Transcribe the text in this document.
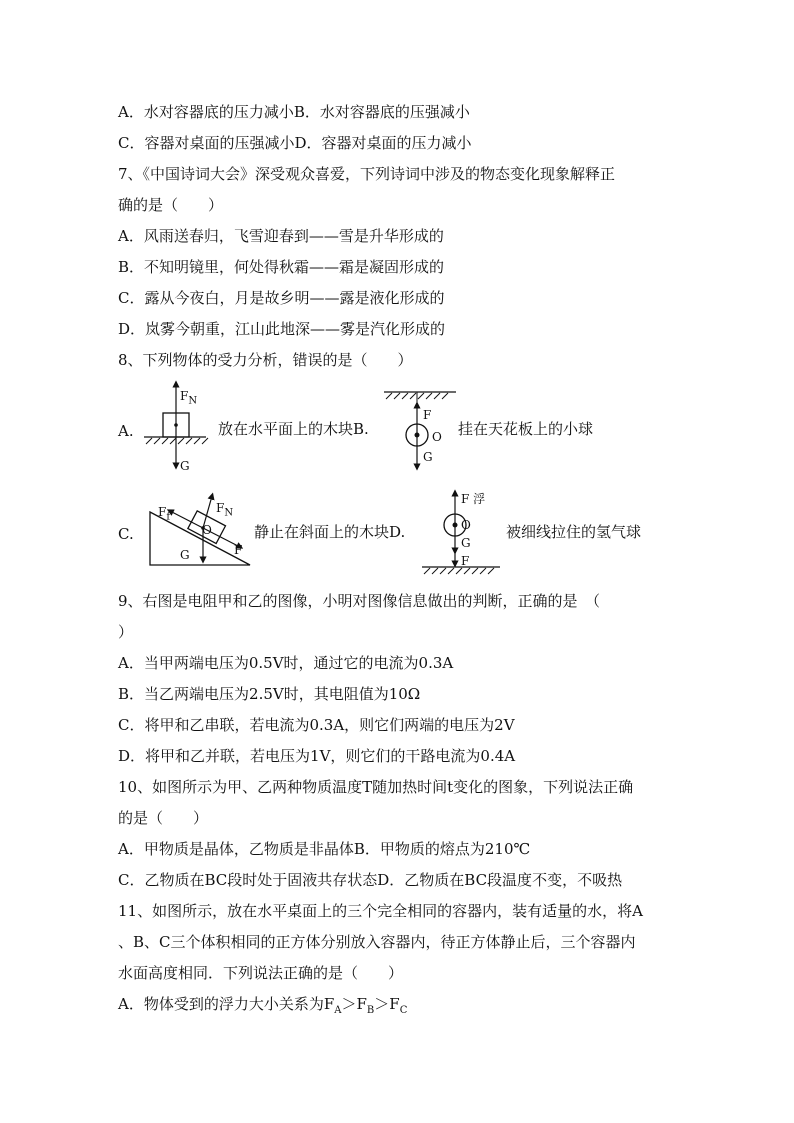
A．水对容器底的压力减小B．水对容器底的压强减小
C．容器对桌面的压强减小D．容器对桌面的压力减小
7、《中国诗词大会》深受观众喜爱，下列诗词中涉及的物态变化现象解释正
确的是（　　）
A．风雨送春归，飞雪迎春到——雪是升华形成的
B．不知明镜里，何处得秋霜——霜是凝固形成的
C．露从今夜白，月是故乡明——露是液化形成的
D．岚雾今朝重，江山此地深——雾是汽化形成的
8、下列物体的受力分析，错误的是（　　）
A.	放在水平面上的木块B.	挂在天花板上的小球
$F_N$
G
F
O
G
C.	静止在斜面上的木块D.	被细线拉住的氢气球
$F_f$
$F_N$
O
G	F
F 浮
O
G
F
9、右图是电阻甲和乙的图像，小明对图像信息做出的判断，正确的是　（
）
A．当甲两端电压为0.5V时，通过它的电流为0.3A
B．当乙两端电压为2.5V时，其电阻值为10Ω
C．将甲和乙串联，若电流为0.3A，则它们两端的电压为2V
D．将甲和乙并联，若电压为1V，则它们的干路电流为0.4A
10、如图所示为甲、乙两种物质温度T随加热时间t变化的图象，下列说法正确
的是（　　）
A．甲物质是晶体，乙物质是非晶体B．甲物质的熔点为210℃
C．乙物质在BC段时处于固液共存状态D．乙物质在BC段温度不变，不吸热
11、如图所示，放在水平桌面上的三个完全相同的容器内，装有适量的水，将A
、B、C三个体积相同的正方体分别放入容器内，待正方体静止后，三个容器内
水面高度相同．下列说法正确的是（　　）
A．物体受到的浮力大小关系为$F_A>F_B>F_C$
